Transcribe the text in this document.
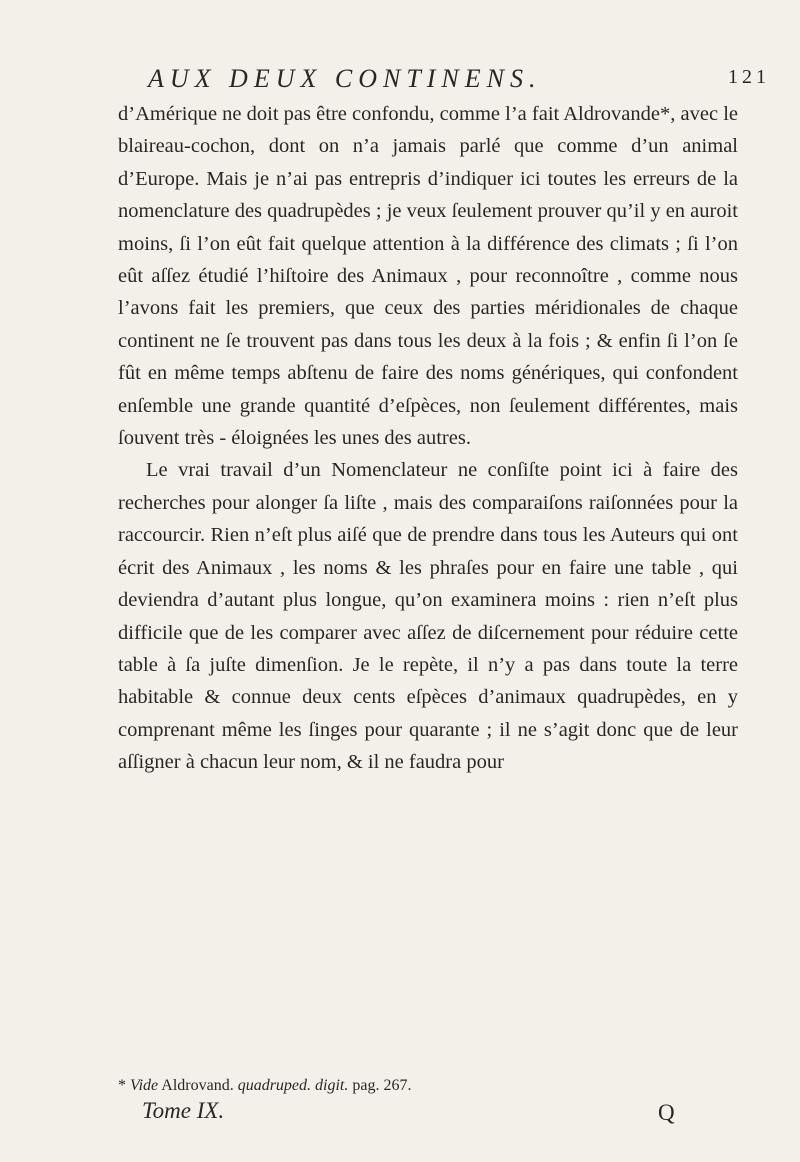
AUX DEUX CONTINENS.	121

d’Amérique ne doit pas être confondu, comme l’a fait Aldrovande*, avec le blaireau-cochon, dont on n’a jamais parlé que comme d’un animal d’Europe. Mais je n’ai pas entrepris d’indiquer ici toutes les erreurs de la nomenclature des quadrupèdes ; je veux ſeulement prouver qu’il y en auroit moins, ſi l’on eût fait quelque attention à la différence des climats ; ſi l’on eût aſſez étudié l’hiſtoire des Animaux , pour reconnoître , comme nous l’avons fait les premiers, que ceux des parties méridionales de chaque continent ne ſe trouvent pas dans tous les deux à la fois ; & enfin ſi l’on ſe fût en même temps abſtenu de faire des noms génériques, qui confondent enſemble une grande quantité d’eſpèces, non ſeulement différentes, mais ſouvent très - éloignées les unes des autres.

Le vrai travail d’un Nomenclateur ne conſiſte point ici à faire des recherches pour alonger ſa liſte , mais des comparaiſons raiſonnées pour la raccourcir. Rien n’eſt plus aiſé que de prendre dans tous les Auteurs qui ont écrit des Animaux , les noms & les phraſes pour en faire une table , qui deviendra d’autant plus longue, qu’on examinera moins : rien n’eſt plus difficile que de les comparer avec aſſez de diſcernement pour réduire cette table à ſa juſte dimenſion. Je le repète, il n’y a pas dans toute la terre habitable & connue deux cents eſpèces d’animaux quadrupèdes, en y comprenant même les ſinges pour quarante ; il ne s’agit donc que de leur aſſigner à chacun leur nom, & il ne faudra pour

* Vide Aldrovand. quadruped. digit. pag. 267.
Tome IX.	Q
